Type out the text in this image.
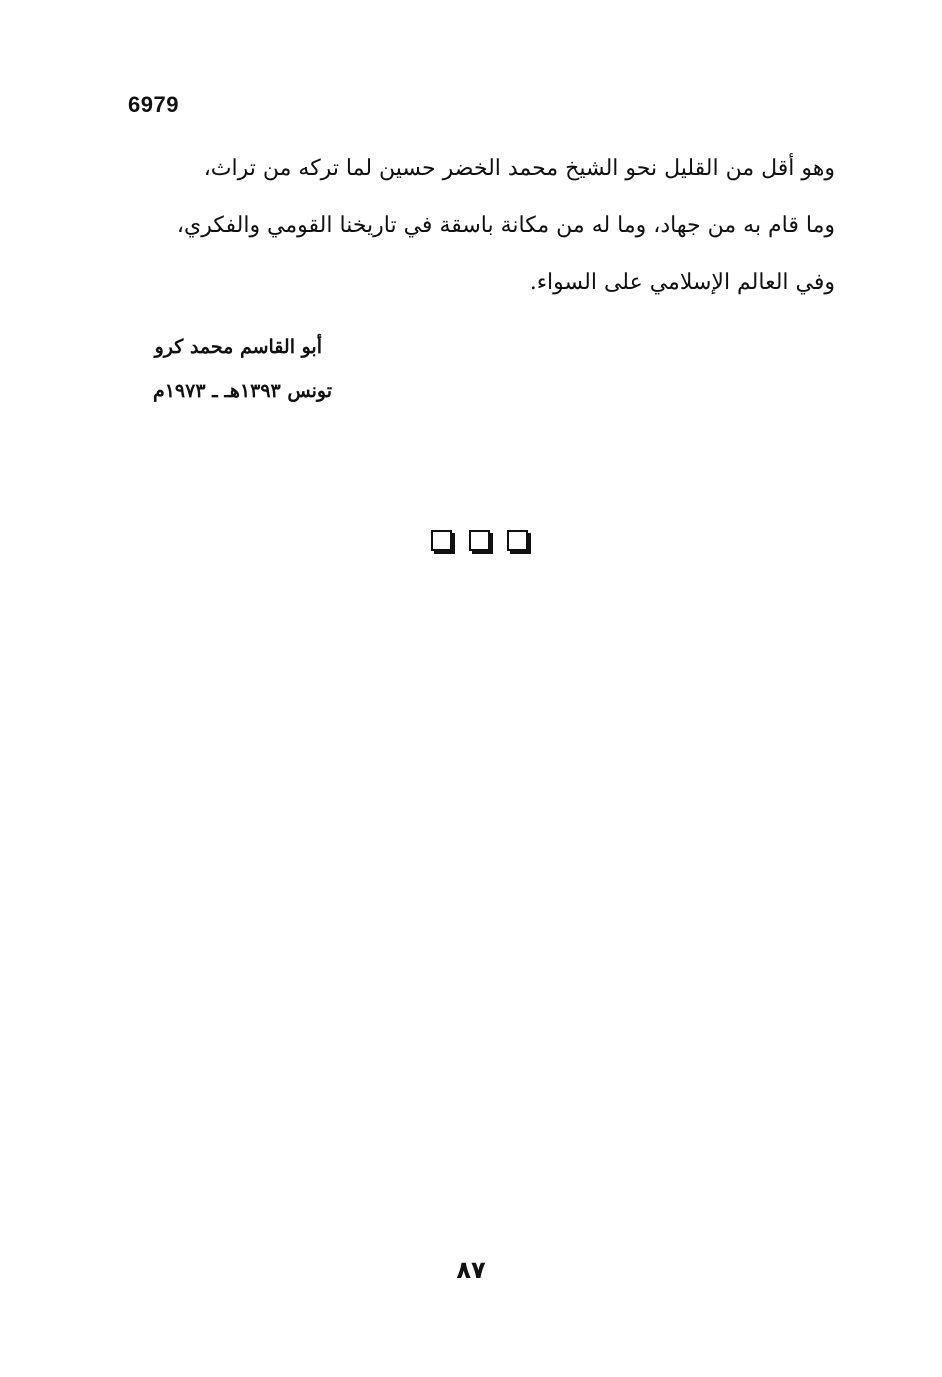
6979
وهو أقل من القليل نحو الشيخ محمد الخضر حسين لما تركه من تراث،
وما قام به من جهاد، وما له من مكانة باسقة في تاريخنا القومي والفكري،
وفي العالم الإسلامي على السواء.
أبو القاسم محمد كرو
تونس ١٣٩٣هـ ـ ١٩٧٣م
٨٧
